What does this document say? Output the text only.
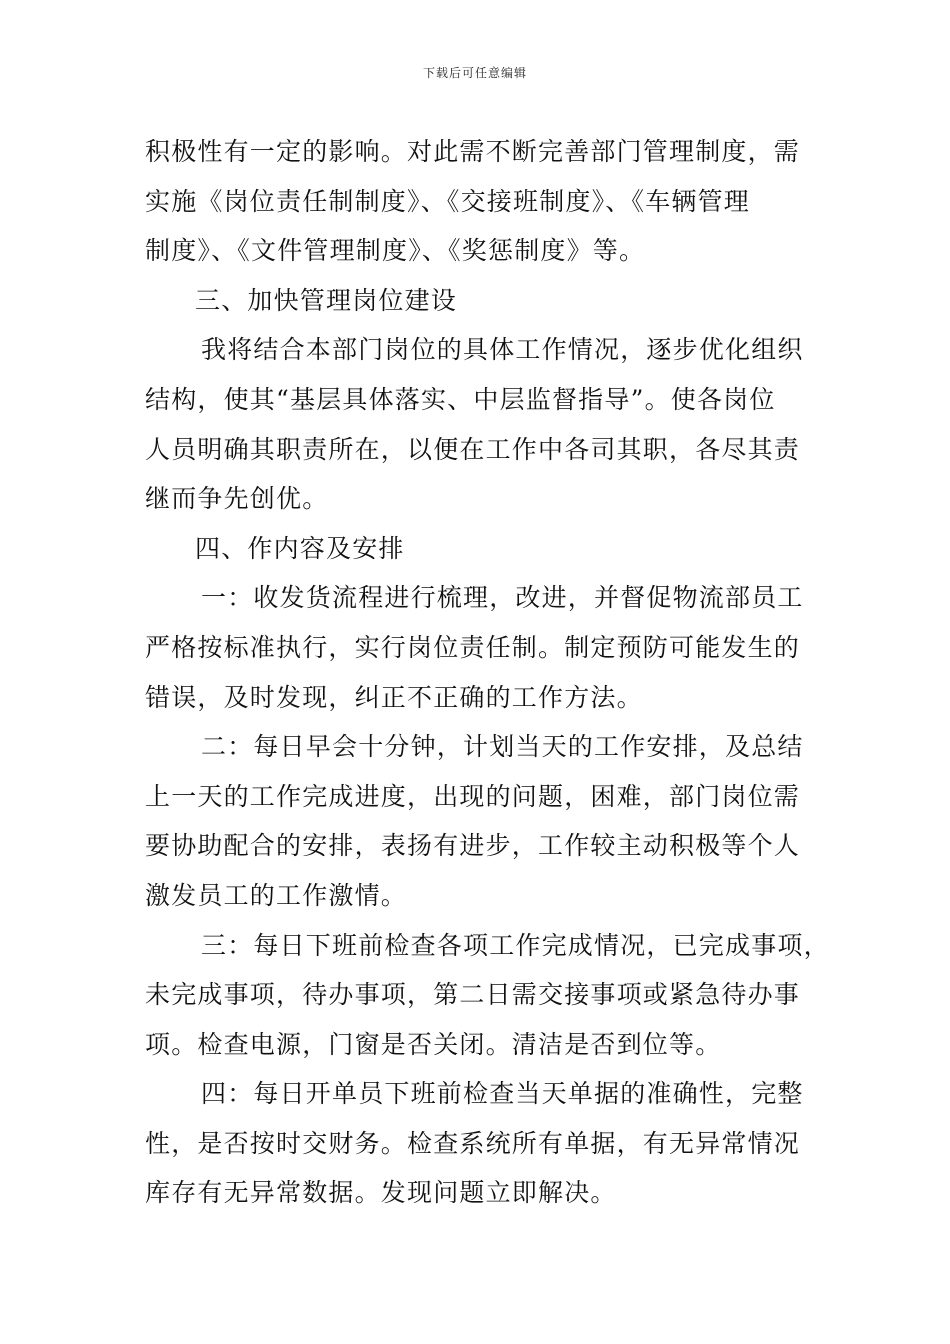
下载后可任意编辑
积极性有一定的影响。对此需不断完善部门管理制度，需
实施《岗位责任制制度》、《交接班制度》、《车辆管理
制度》、《文件管理制度》、《奖惩制度》等。
三、加快管理岗位建设
我将结合本部门岗位的具体工作情况，逐步优化组织
结构，使其“基层具体落实、中层监督指导”。使各岗位
人员明确其职责所在，以便在工作中各司其职，各尽其责
继而争先创优。
四、作内容及安排
一：收发货流程进行梳理，改进，并督促物流部员工
严格按标准执行，实行岗位责任制。制定预防可能发生的
错误，及时发现，纠正不正确的工作方法。
二：每日早会十分钟，计划当天的工作安排，及总结
上一天的工作完成进度，出现的问题，困难，部门岗位需
要协助配合的安排，表扬有进步，工作较主动积极等个人
激发员工的工作激情。
三：每日下班前检查各项工作完成情况，已完成事项，
未完成事项，待办事项，第二日需交接事项或紧急待办事
项。检查电源，门窗是否关闭。清洁是否到位等。
四：每日开单员下班前检查当天单据的准确性，完整
性，是否按时交财务。检查系统所有单据，有无异常情况
库存有无异常数据。发现问题立即解决。
